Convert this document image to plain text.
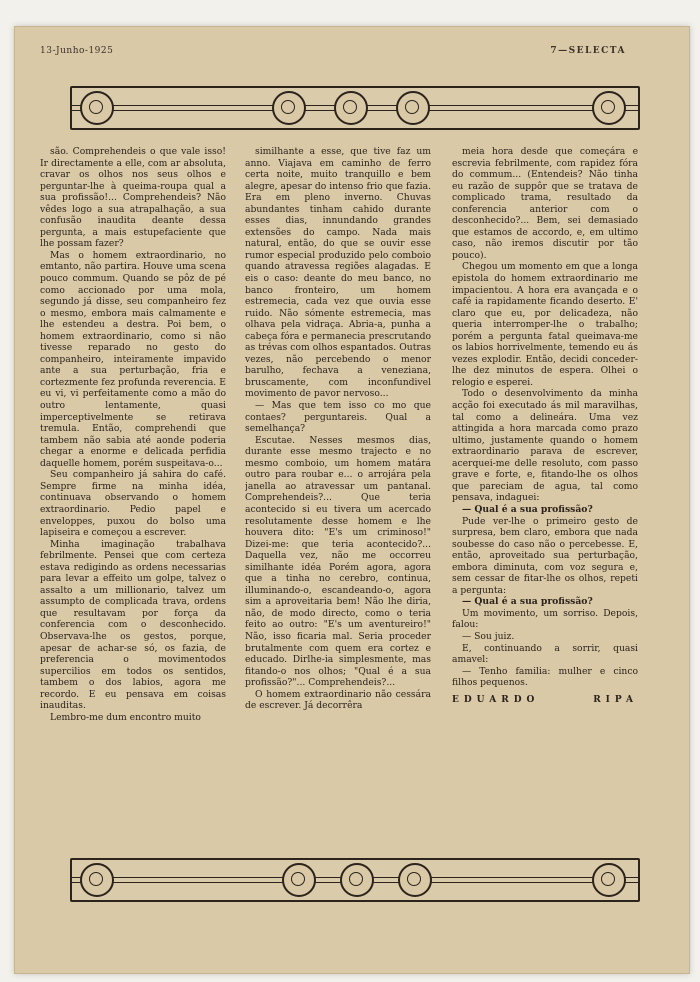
13-Junho-1925	7—SELECTA

são. Comprehendeis o que vale isso! Ir directamente a elle, com ar absoluta, cravar os olhos nos seus olhos e perguntar-lhe à queima-roupa qual a sua profissão!... Comprehendeis? Não vêdes logo a sua atrapalhação, a sua confusão inaudita deante dessa pergunta, a mais estupefaciente que lhe possam fazer?

Mas o homem extraordinario, no emtanto, não partira. Houve uma scena pouco commum. Quando se pôz de pé como accionado por uma mola, segundo já disse, seu companheiro fez o mesmo, embora mais calmamente e lhe estendeu a destra. Poi bem, o homem extraordinario, como si não tivesse reparado no gesto do companheiro, inteiramente impavido ante a sua perturbação, fria e cortezmente fez profunda reverencia. E eu vi, vi perfeitamente como a mão do outro lentamente, quasi imperceptivelmente se retirava tremula. Então, comprehendi que tambem não sabia até aonde poderia chegar a enorme e delicada perfidia daquelle homem, porém suspeitava-o...

Seu companheiro já sahira do café. Sempre firme na minha idéa, continuava observando o homem extraordinario. Pedio papel e enveloppes, puxou do bolso uma lapiseira e começou a escrever.

Minha imaginação trabalhava febrilmente. Pensei que com certeza estava redigindo as ordens necessarias para levar a effeito um golpe, talvez o assalto a um millionario, talvez um assumpto de complicada trava, ordens que resultavam por força da conferencia com o desconhecido. Observava-lhe os gestos, porque, apesar de achar-se só, os fazia, de preferencia o movimentodos supercilios em todos os sentidos, tambem o dos labios, agora me recordo. E eu pensava em coisas inauditas.

Lembro-me dum encontro muito

similhante a esse, que tive faz um anno. Viajava em caminho de ferro certa noite, muito tranquillo e bem alegre, apesar do intenso frio que fazia. Era em pleno inverno. Chuvas abundantes tinham cahido durante esses dias, innundando grandes extensões do campo. Nada mais natural, então, do que se ouvir esse rumor especial produzido pelo comboio quando atravessa regiões alagadas. E eis o caso: deante do meu banco, no banco fronteiro, um homem estremecia, cada vez que ouvia esse ruido. Não sómente estremecia, mas olhava pela vidraça. Abria-a, punha a cabeça fóra e permanecia prescrutando as trévas com olhos espantados. Outras vezes, não percebendo o menor barulho, fechava a veneziana, bruscamente, com inconfundivel movimento de pavor nervoso...

— Mas que tem isso co mo que contaes? perguntareis. Qual a semelhança?

Escutae. Nesses mesmos dias, durante esse mesmo trajecto e no mesmo comboio, um homem matára outro para roubar e... o arrojára pela janella ao atravessar um pantanal. Comprehendeis?... Que teria acontecido si eu tivera um acercado resolutamente desse homem e lhe houvera dito: "E's um criminoso!" Dizei-me: que teria acontecido?... Daquella vez, não me occorreu similhante idéa Porém agora, agora que a tinha no cerebro, continua, illuminando-o, escandeando-o, agora sim a aproveitaria bem! Não lhe diria, não, de modo directo, como o teria feito ao outro: "E's um aventureiro!" Não, isso ficaria mal. Seria proceder brutalmente com quem era cortez e educado. Dirlhe-ia simplesmente, mas fitando-o nos olhos; "Qual é a sua profissão?"... Comprehendeis?...

O homem extraordinario não cessára de escrever. Já decorrêra

meia hora desde que começára e escrevia febrilmente, com rapidez fóra do commum... (Entendeis? Não tinha eu razão de suppôr que se tratava de complicado trama, resultado da conferencia anterior com o desconhecido?... Bem, sei demasiado que estamos de accordo, e, em ultimo caso, não iremos discutir por tão pouco).

Chegou um momento em que a longa epistola do homem extraordinario me impacientou. A hora era avançada e o café ia rapidamente ficando deserto. E' claro que eu, por delicadeza, não queria interromper-lhe o trabalho; porém a pergunta fatal queimava-me os labios horrivelmente, temendo eu ás vezes explodir. Então, decidi conceder-lhe dez minutos de espera. Olhei o relogio e esperei.

Todo o desenvolvimento da minha acção foi executado ás mil maravilhas, tal como a delineára. Uma vez attingida a hora marcada como prazo ultimo, justamente quando o homem extraordinario parava de escrever, acerquei-me delle resoluto, com passo grave e forte, e, fitando-lhe os olhos que pareciam de agua, tal como pensava, indaguei:

— Qual é a sua profissão?

Pude ver-lhe o primeiro gesto de surpresa, bem claro, embora que nada soubesse do caso não o percebesse. E, então, aproveitado sua perturbação, embora diminuta, com voz segura e, sem cessar de fitar-lhe os olhos, repeti a pergunta:

— Qual é a sua profissão?

Um movimento, um sorriso. Depois, falou:

— Sou juiz.

E, continuando a sorrir, quasi amavel:

— Tenho familia: mulher e cinco filhos pequenos.

EDUARDO	RIPA
